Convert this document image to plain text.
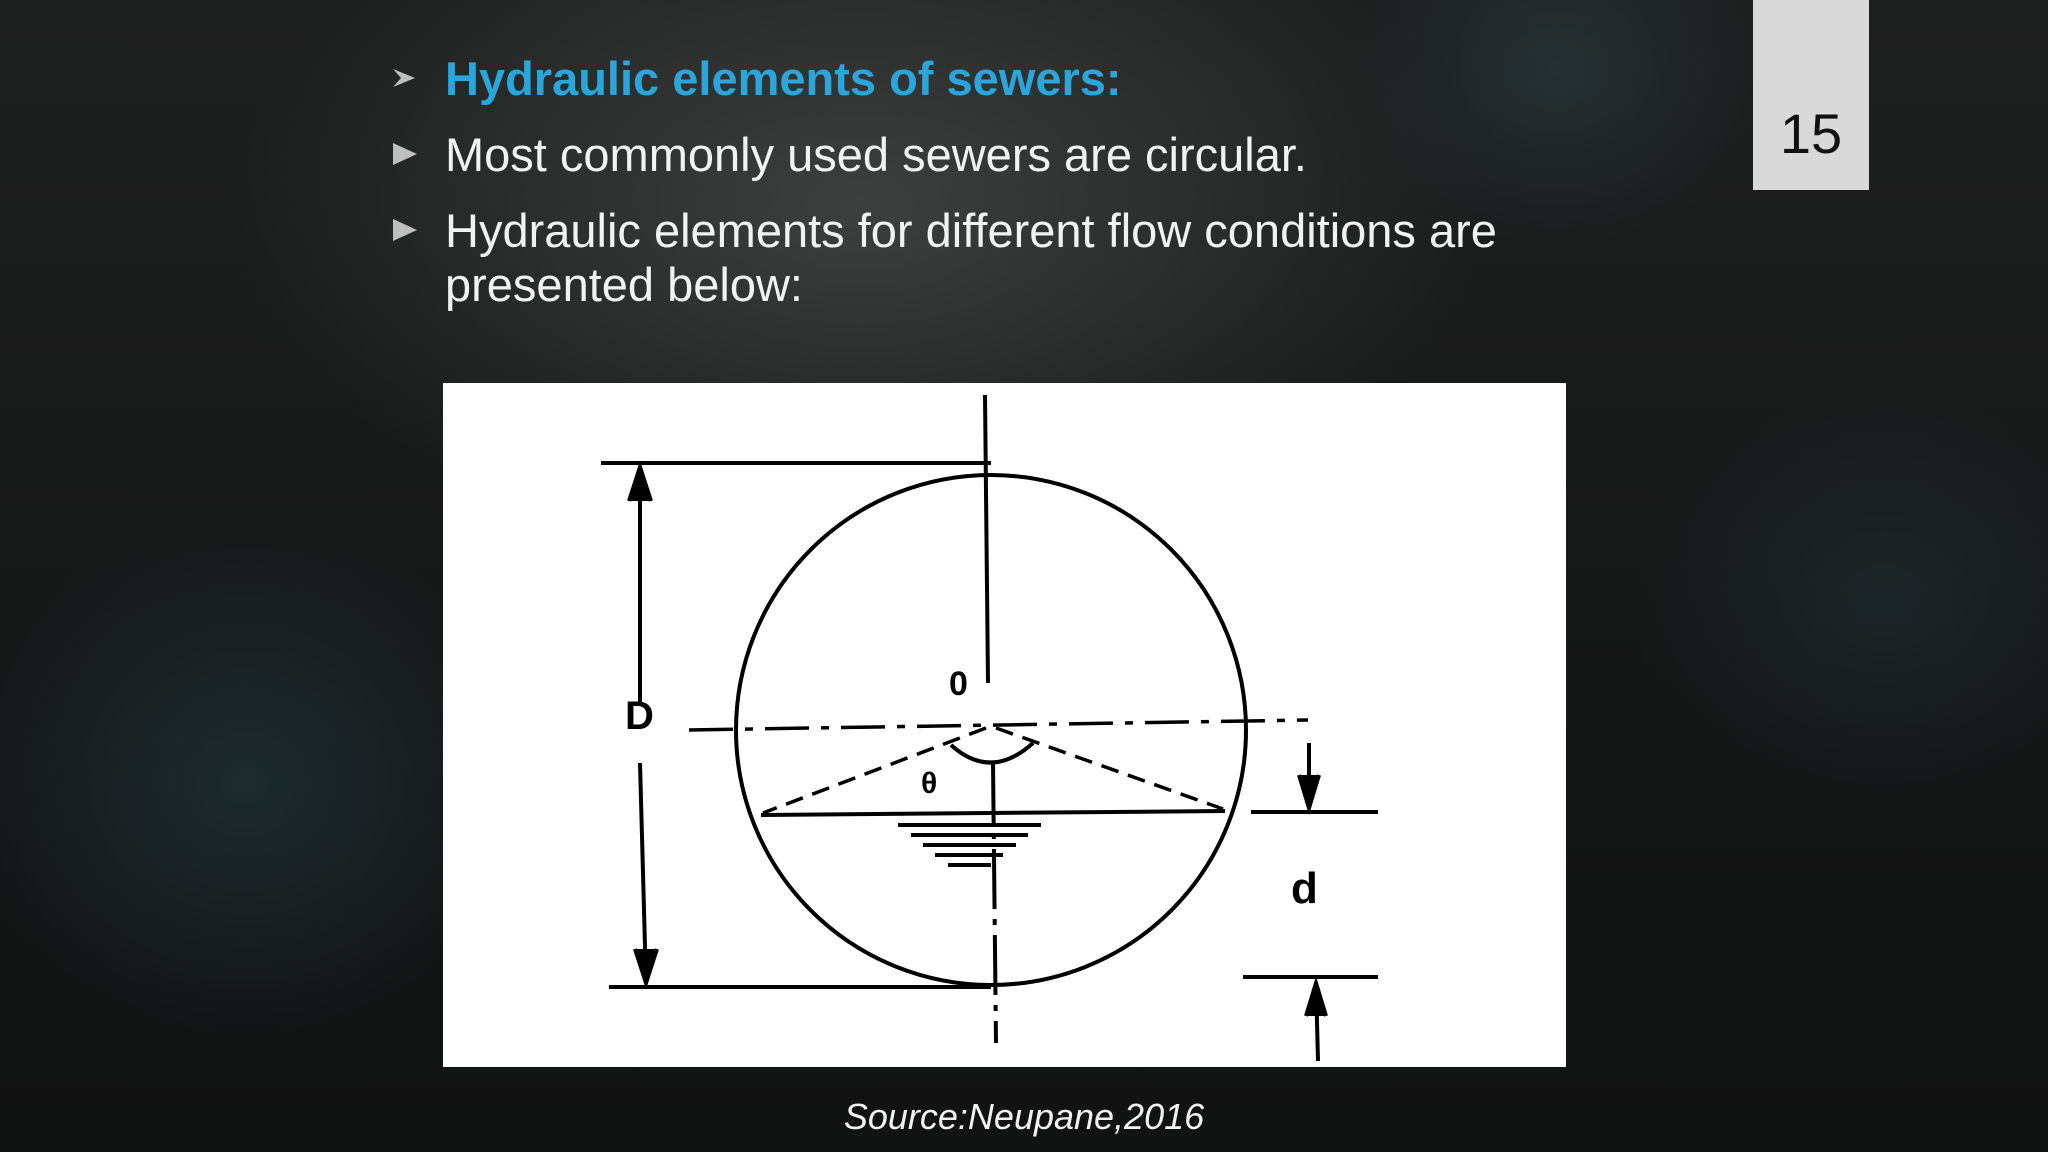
15
Hydraulic elements of sewers:
Most commonly used sewers are circular.
Hydraulic elements for different flow conditions are presented below:
D
0
θ
d
Source:Neupane,2016
